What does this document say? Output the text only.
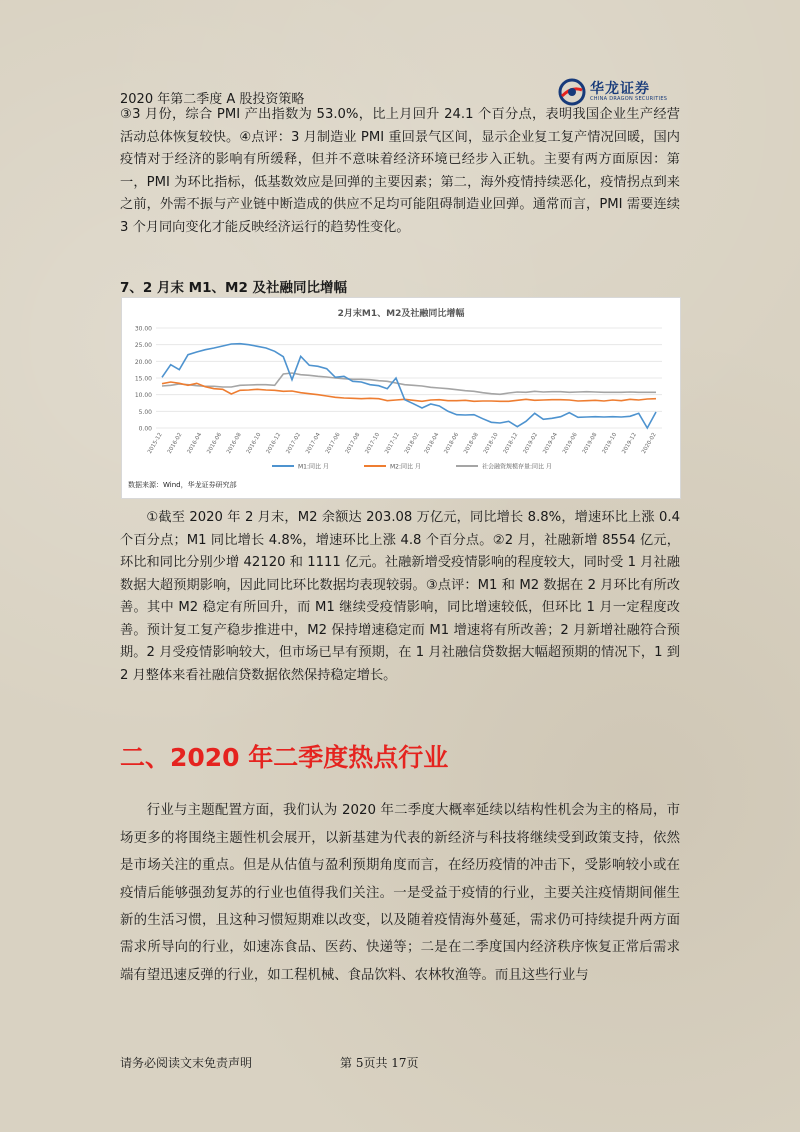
2020 年第二季度 A 股投资策略
华龙证券
CHINA DRAGON SECURITIES

③3 月份，综合 PMI 产出指数为 53.0%，比上月回升 24.1 个百分点，表明我国企业生产经营活动总体恢复较快。④点评：3 月制造业 PMI 重回景气区间，显示企业复工复产情况回暖，国内疫情对于经济的影响有所缓释，但并不意味着经济环境已经步入正轨。主要有两方面原因：第一，PMI 为环比指标，低基数效应是回弹的主要因素；第二，海外疫情持续恶化，疫情拐点到来之前，外需不振与产业链中断造成的供应不足均可能阻碍制造业回弹。通常而言，PMI 需要连续 3 个月同向变化才能反映经济运行的趋势性变化。

7、2 月末 M1、M2 及社融同比增幅
2月末M1、M2及社融同比增幅
0.00
5.00
10.00
15.00
20.00
25.00
30.00
2015-12 2016-02 2016-04 2016-06 2016-08 2016-10 2016-12 2017-02 2017-04 2017-06 2017-08 2017-10 2017-12 2018-02 2018-04 2018-06 2018-08 2018-10 2018-12 2019-02 2019-04 2019-06 2019-08 2019-10 2019-12 2020-02
M1:同比 月	M2:同比 月	社会融资规模存量:同比 月
数据来源：Wind，华龙证券研究部

①截至 2020 年 2 月末，M2 余额达 203.08 万亿元，同比增长 8.8%，增速环比上涨 0.4 个百分点；M1 同比增长 4.8%，增速环比上涨 4.8 个百分点。②2 月，社融新增 8554 亿元，环比和同比分别少增 42120 和 1111 亿元。社融新增受疫情影响的程度较大，同时受 1 月社融数据大超预期影响，因此同比环比数据均表现较弱。③点评：M1 和 M2 数据在 2 月环比有所改善。其中 M2 稳定有所回升，而 M1 继续受疫情影响，同比增速较低，但环比 1 月一定程度改善。预计复工复产稳步推进中，M2 保持增速稳定而 M1 增速将有所改善；2 月新增社融符合预期。2 月受疫情影响较大，但市场已早有预期，在 1 月社融信贷数据大幅超预期的情况下，1 到 2 月整体来看社融信贷数据依然保持稳定增长。

二、2020 年二季度热点行业

行业与主题配置方面，我们认为 2020 年二季度大概率延续以结构性机会为主的格局，市场更多的将围绕主题性机会展开，以新基建为代表的新经济与科技将继续受到政策支持，依然是市场关注的重点。但是从估值与盈利预期角度而言，在经历疫情的冲击下，受影响较小或在疫情后能够强劲复苏的行业也值得我们关注。一是受益于疫情的行业，主要关注疫情期间催生新的生活习惯，且这种习惯短期难以改变，以及随着疫情海外蔓延，需求仍可持续提升两方面需求所导向的行业，如速冻食品、医药、快递等；二是在二季度国内经济秩序恢复正常后需求端有望迅速反弹的行业，如工程机械、食品饮料、农林牧渔等。而且这些行业与

请务必阅读文末免责声明	第 5页共 17页
